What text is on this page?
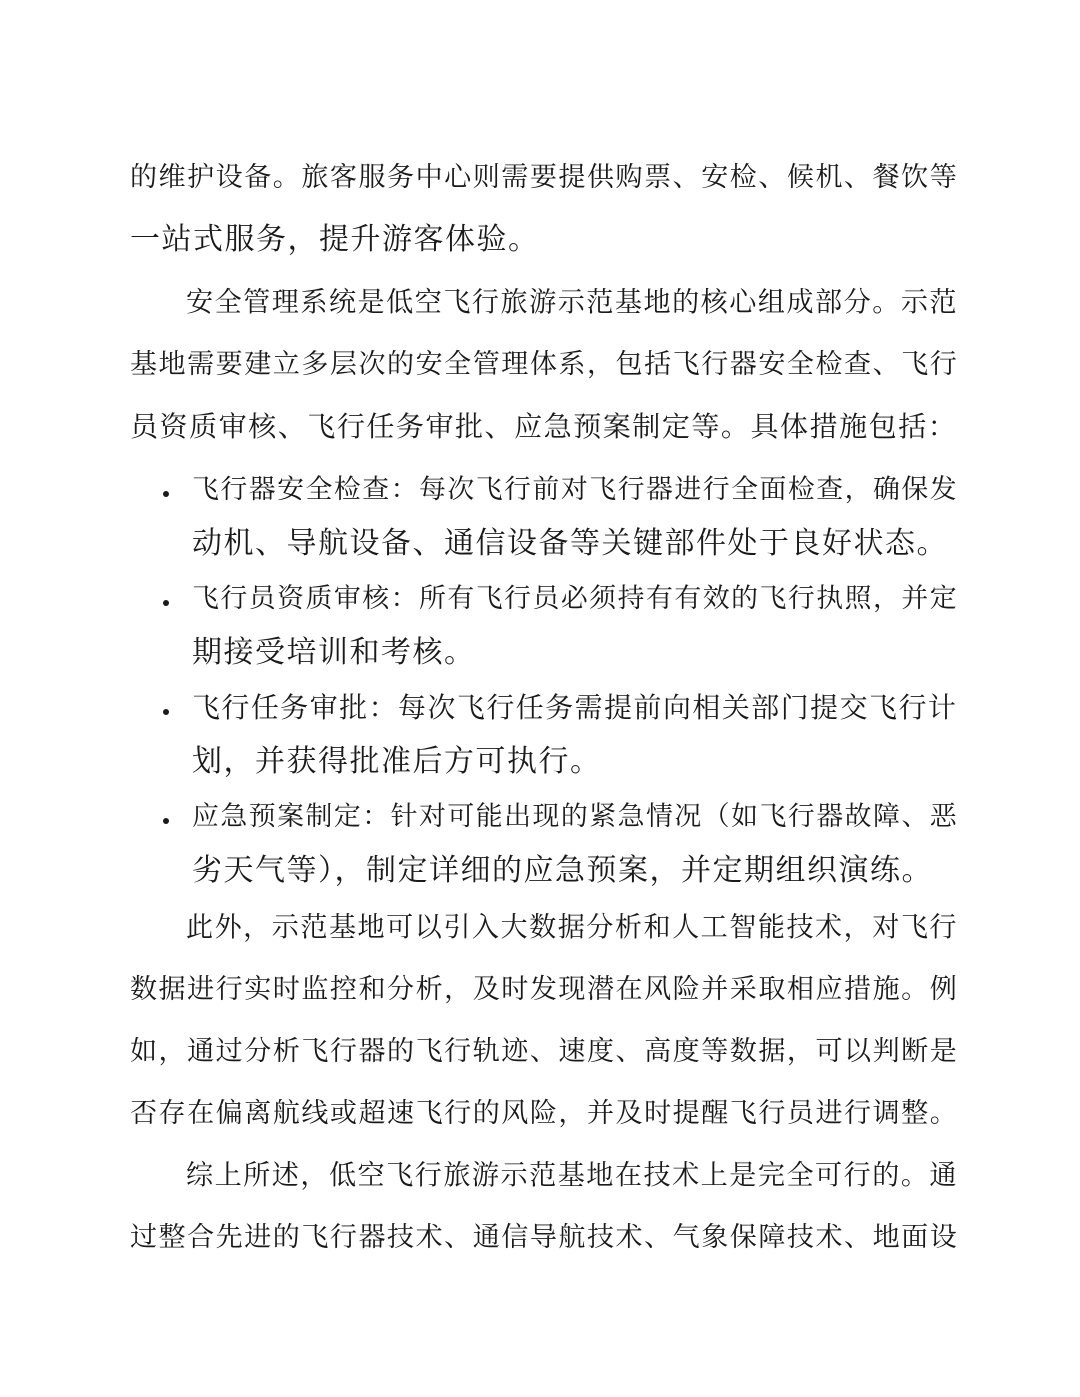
的维护设备。旅客服务中心则需要提供购票、安检、候机、餐饮等
一站式服务，提升游客体验。
安全管理系统是低空飞行旅游示范基地的核心组成部分。示范
基地需要建立多层次的安全管理体系，包括飞行器安全检查、飞行
员资质审核、飞行任务审批、应急预案制定等。具体措施包括：
飞行器安全检查：每次飞行前对飞行器进行全面检查，确保发
动机、导航设备、通信设备等关键部件处于良好状态。
飞行员资质审核：所有飞行员必须持有有效的飞行执照，并定
期接受培训和考核。
飞行任务审批：每次飞行任务需提前向相关部门提交飞行计
划，并获得批准后方可执行。
应急预案制定：针对可能出现的紧急情况（如飞行器故障、恶
劣天气等），制定详细的应急预案，并定期组织演练。
此外，示范基地可以引入大数据分析和人工智能技术，对飞行
数据进行实时监控和分析，及时发现潜在风险并采取相应措施。例
如，通过分析飞行器的飞行轨迹、速度、高度等数据，可以判断是
否存在偏离航线或超速飞行的风险，并及时提醒飞行员进行调整。
综上所述，低空飞行旅游示范基地在技术上是完全可行的。通
过整合先进的飞行器技术、通信导航技术、气象保障技术、地面设
